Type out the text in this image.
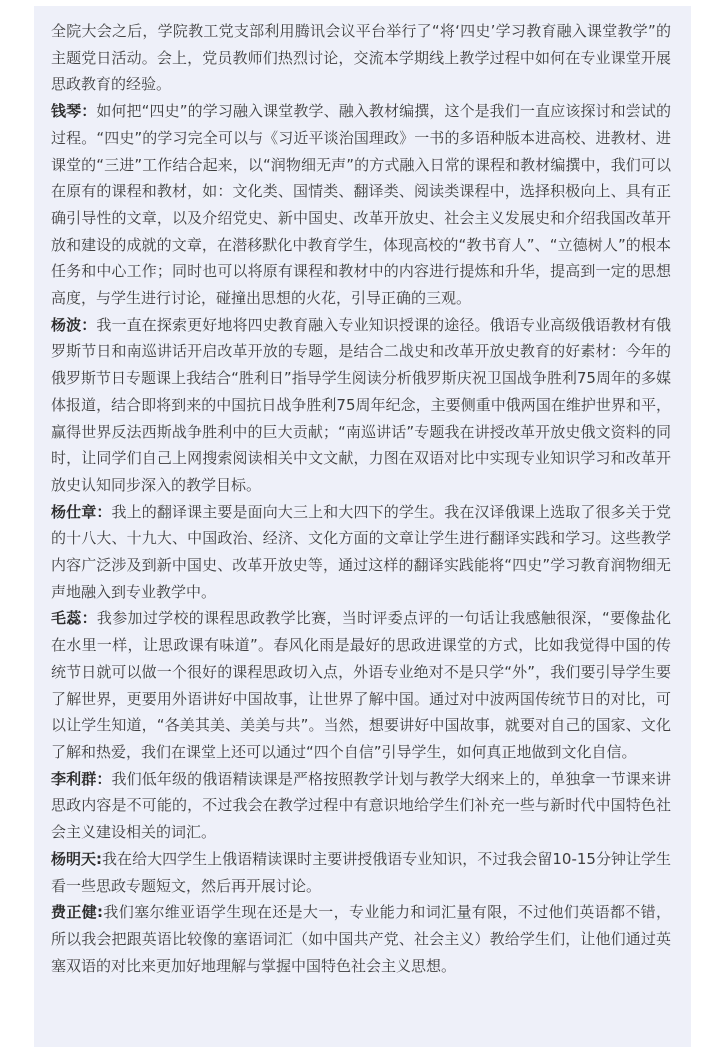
全院大会之后，学院教工党支部利用腾讯会议平台举行了“将‘四史’学习教育融入课堂教学”的主题党日活动。会上，党员教师们热烈讨论，交流本学期线上教学过程中如何在专业课堂开展思政教育的经验。

钱琴：如何把“四史”的学习融入课堂教学、融入教材编撰，这个是我们一直应该探讨和尝试的过程。“四史”的学习完全可以与《习近平谈治国理政》一书的多语种版本进高校、进教材、进课堂的“三进”工作结合起来，以“润物细无声”的方式融入日常的课程和教材编撰中，我们可以在原有的课程和教材，如：文化类、国情类、翻译类、阅读类课程中，选择积极向上、具有正确引导性的文章，以及介绍党史、新中国史、改革开放史、社会主义发展史和介绍我国改革开放和建设的成就的文章，在潜移默化中教育学生，体现高校的“教书育人”、“立德树人”的根本任务和中心工作；同时也可以将原有课程和教材中的内容进行提炼和升华，提高到一定的思想高度，与学生进行讨论，碰撞出思想的火花，引导正确的三观。

杨波：我一直在探索更好地将四史教育融入专业知识授课的途径。俄语专业高级俄语教材有俄罗斯节日和南巡讲话开启改革开放的专题，是结合二战史和改革开放史教育的好素材：今年的俄罗斯节日专题课上我结合“胜利日”指导学生阅读分析俄罗斯庆祝卫国战争胜利75周年的多媒体报道，结合即将到来的中国抗日战争胜利75周年纪念，主要侧重中俄两国在维护世界和平，赢得世界反法西斯战争胜利中的巨大贡献；“南巡讲话”专题我在讲授改革开放史俄文资料的同时，让同学们自己上网搜索阅读相关中文文献，力图在双语对比中实现专业知识学习和改革开放史认知同步深入的教学目标。

杨仕章：我上的翻译课主要是面向大三上和大四下的学生。我在汉译俄课上选取了很多关于党的十八大、十九大、中国政治、经济、文化方面的文章让学生进行翻译实践和学习。这些教学内容广泛涉及到新中国史、改革开放史等，通过这样的翻译实践能将“四史”学习教育润物细无声地融入到专业教学中。

毛蕊：我参加过学校的课程思政教学比赛，当时评委点评的一句话让我感触很深，“要像盐化在水里一样，让思政课有味道”。春风化雨是最好的思政进课堂的方式，比如我觉得中国的传统节日就可以做一个很好的课程思政切入点，外语专业绝对不是只学“外”，我们要引导学生要了解世界，更要用外语讲好中国故事，让世界了解中国。通过对中波两国传统节日的对比，可以让学生知道，“各美其美、美美与共”。当然，想要讲好中国故事，就要对自己的国家、文化了解和热爱，我们在课堂上还可以通过“四个自信”引导学生，如何真正地做到文化自信。

李利群：我们低年级的俄语精读课是严格按照教学计划与教学大纲来上的，单独拿一节课来讲思政内容是不可能的，不过我会在教学过程中有意识地给学生们补充一些与新时代中国特色社会主义建设相关的词汇。

杨明天:我在给大四学生上俄语精读课时主要讲授俄语专业知识，不过我会留10-15分钟让学生看一些思政专题短文，然后再开展讨论。

费正健:我们塞尔维亚语学生现在还是大一，专业能力和词汇量有限，不过他们英语都不错，所以我会把跟英语比较像的塞语词汇（如中国共产党、社会主义）教给学生们，让他们通过英塞双语的对比来更加好地理解与掌握中国特色社会主义思想。
